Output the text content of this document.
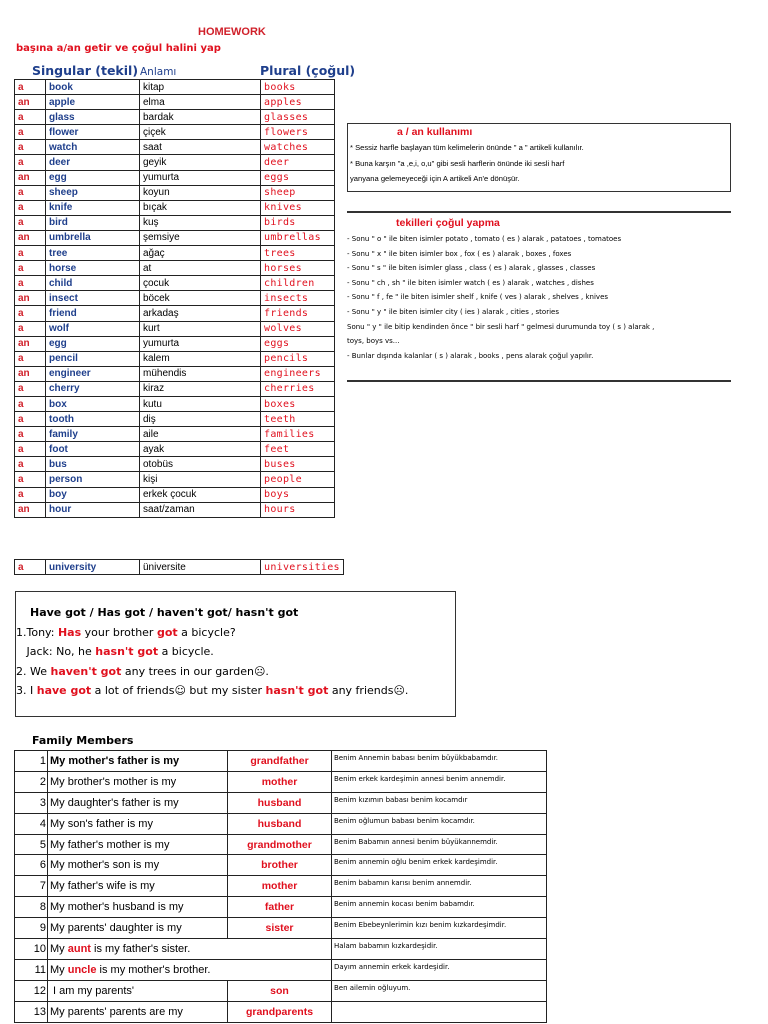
HOMEWORK
başına a/an getir ve çoğul halini yap
Singular (tekil) Anlamı	Plural (çoğul)
a	book	kitap	books
an	apple	elma	apples
a	glass	bardak	glasses
a	flower	çiçek	flowers
a	watch	saat	watches
a	deer	geyik	deer
an	egg	yumurta	eggs
a	sheep	koyun	sheep
a	knife	bıçak	knives
a	bird	kuş	birds
an	umbrella	şemsiye	umbrellas
a	tree	ağaç	trees
a	horse	at	horses
a	child	çocuk	children
an	insect	böcek	insects
a	friend	arkadaş	friends
a	wolf	kurt	wolves
an	egg	yumurta	eggs
a	pencil	kalem	pencils
an	engineer	mühendis	engineers
a	cherry	kiraz	cherries
a	box	kutu	boxes
a	tooth	diş	teeth
a	family	aile	families
a	foot	ayak	feet
a	bus	otobüs	buses
a	person	kişi	people
a	boy	erkek çocuk	boys
an	hour	saat/zaman	hours
a	university	üniversite	universities
a / an kullanımı
* Sessiz harfle başlayan tüm kelimelerin önünde " a " artikeli kullanılır.
* Buna karşın "a ,e,i, o,u" gibi sesli harflerin önünde iki sesli harf
yanyana gelemeyeceği için A artikeli An'e dönüşür.
tekilleri çoğul yapma
- Sonu " o " ile biten isimler potato , tomato ( es ) alarak , patatoes , tomatoes
- Sonu " x " ile biten isimler box , fox ( es ) alarak , boxes , foxes
- Sonu " s " ile biten isimler glass , class ( es ) alarak , glasses , classes
- Sonu " ch , sh " ile biten isimler watch ( es ) alarak , watches , dishes
- Sonu " f , fe " ile biten isimler shelf , knife ( ves ) alarak , shelves , knives
- Sonu " y " ile biten isimler city ( ies ) alarak , cities , stories
Sonu " y " ile bitip kendinden önce " bir sesli harf " gelmesi durumunda toy ( s ) alarak ,
toys, boys vs...
- Bunlar dışında kalanlar ( s ) alarak , books , pens alarak çoğul yapılır.
Have got / Has got / haven't got/ hasn't got
1.Tony: Has your brother got a bicycle?
Jack: No, he hasn't got a bicycle.
2. We haven't got any trees in our garden☹.
3. I have got a lot of friends☺ but my sister hasn't got any friends☹.
Family Members
1	My mother's father is my	grandfather	Benim Annemin babası benim büyükbabamdır.
2	My brother's mother is my	mother	Benim erkek kardeşimin annesi benim annemdir.
3	My daughter's father is my	husband	Benim kızımın babası benim kocamdır
4	My son's father is my	husband	Benim oğlumun babası benim kocamdır.
5	My father's mother is my	grandmother	Benim Babamın annesi benim büyükannemdir.
6	My mother's son is my	brother	Benim annemin oğlu benim erkek kardeşimdir.
7	My father's wife is my	mother	Benim babamın karısı benim annemdir.
8	My mother's husband is my	father	Benim annemin kocası benim babamdır.
9	My parents' daughter is my	sister	Benim Ebebeynlerimin kızı benim kızkardeşimdir.
10	My aunt is my father's sister.		Halam babamın kızkardeşidir.
11	My uncle is my mother's brother.		Dayım annemin erkek kardeşidir.
12	I am my parents'	son	Ben ailemin oğluyum.
13	My parents' parents are my	grandparents	
